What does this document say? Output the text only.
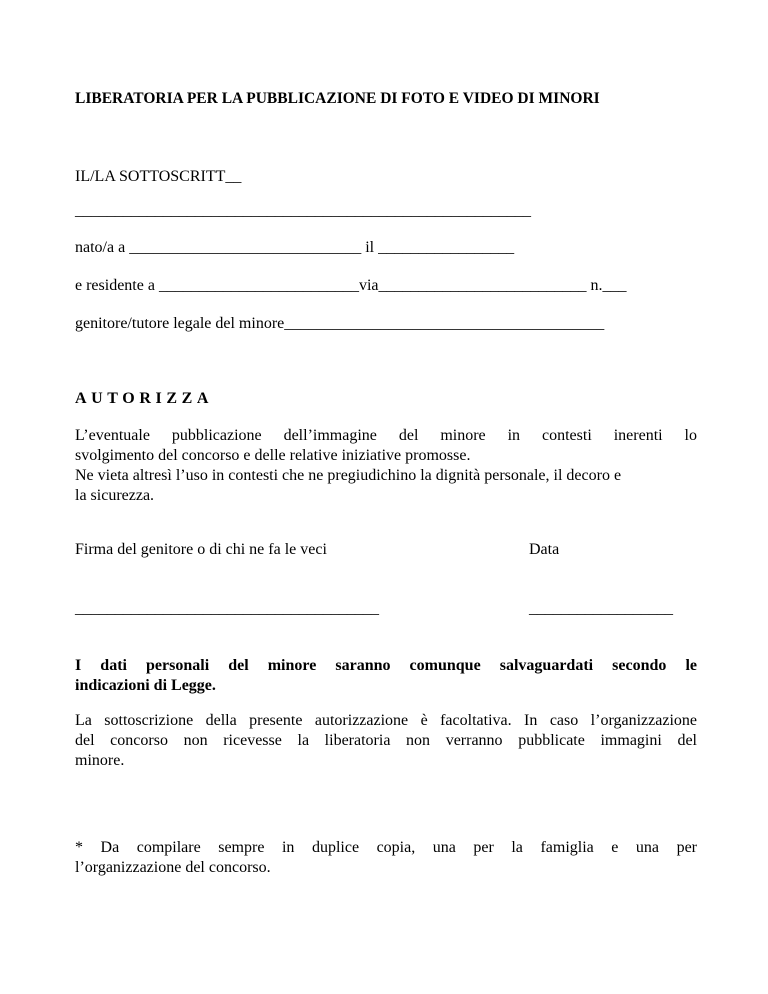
LIBERATORIA PER LA PUBBLICAZIONE DI FOTO E VIDEO DI MINORI
IL/LA SOTTOSCRITT__
_________________________________________________________
nato/a a _____________________________ il _________________
e residente a _________________________via__________________________ n.___
genitore/tutore legale del minore________________________________________
AUTORIZZA
L’eventuale pubblicazione dell’immagine del minore in contesti inerenti lo
svolgimento del concorso e delle relative iniziative promosse.
Ne vieta altresì l’uso in contesti che ne pregiudichino la dignità personale, il decoro e
la sicurezza.
Firma del genitore o di chi ne fa le veci	Data
______________________________________	__________________
I dati personali del minore saranno comunque salvaguardati secondo le
indicazioni di Legge.
La sottoscrizione della presente autorizzazione è facoltativa. In caso l’organizzazione
del concorso non ricevesse la liberatoria non verranno pubblicate immagini del
minore.
* Da compilare sempre in duplice copia, una per la famiglia e una per
l’organizzazione del concorso.
